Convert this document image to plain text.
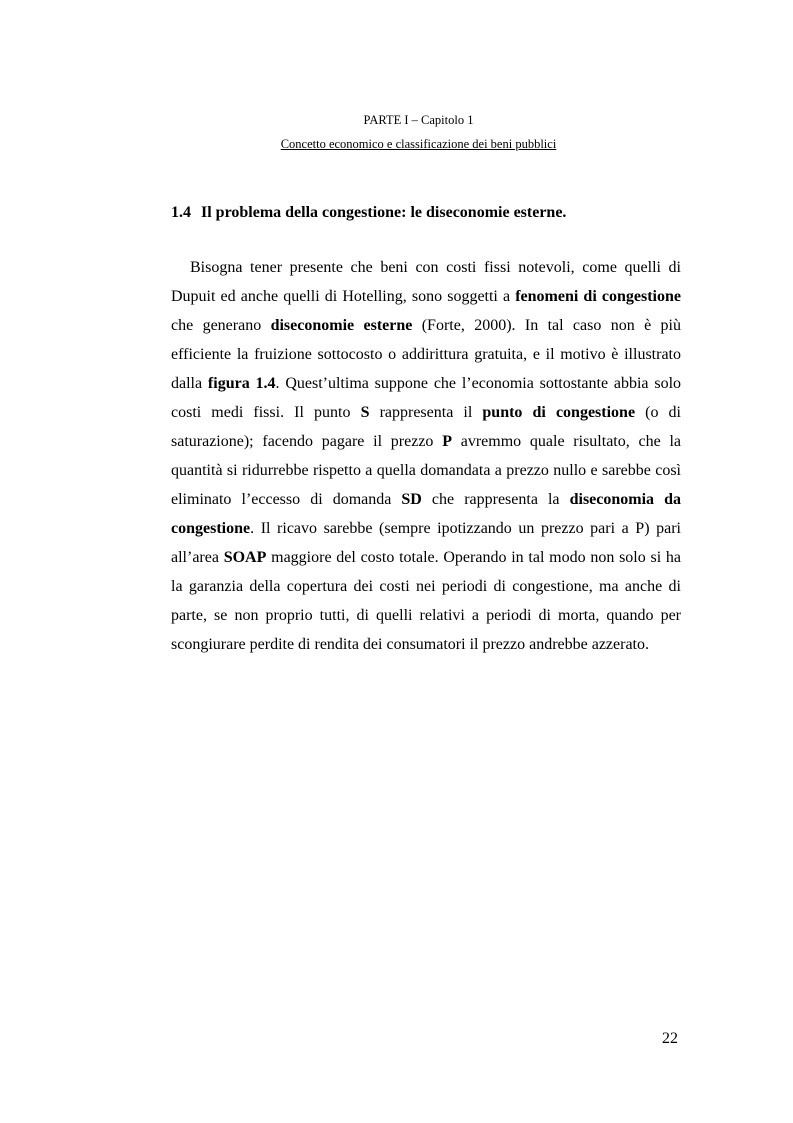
PARTE I – Capitolo 1
Concetto economico e classificazione dei beni pubblici
1.4 Il problema della congestione: le diseconomie esterne.

Bisogna tener presente che beni con costi fissi notevoli, come quelli di Dupuit ed anche quelli di Hotelling, sono soggetti a fenomeni di congestione che generano diseconomie esterne (Forte, 2000). In tal caso non è più efficiente la fruizione sottocosto o addirittura gratuita, e il motivo è illustrato dalla figura 1.4. Quest’ultima suppone che l’economia sottostante abbia solo costi medi fissi. Il punto S rappresenta il punto di congestione (o di saturazione); facendo pagare il prezzo P avremmo quale risultato, che la quantità si ridurrebbe rispetto a quella domandata a prezzo nullo e sarebbe così eliminato l’eccesso di domanda SD che rappresenta la diseconomia da congestione. Il ricavo sarebbe (sempre ipotizzando un prezzo pari a P) pari all’area SOAP maggiore del costo totale. Operando in tal modo non solo si ha la garanzia della copertura dei costi nei periodi di congestione, ma anche di parte, se non proprio tutti, di quelli relativi a periodi di morta, quando per scongiurare perdite di rendita dei consumatori il prezzo andrebbe azzerato.

22
